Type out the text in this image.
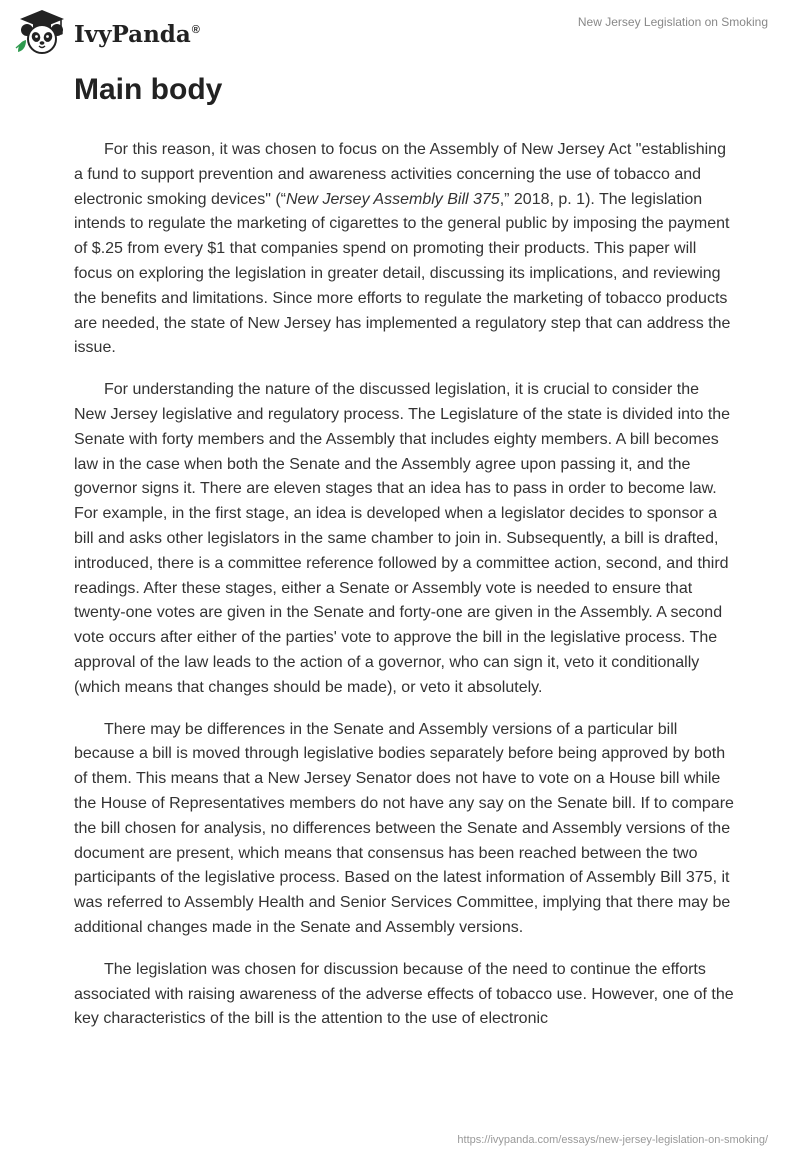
IvyPanda®
New Jersey Legislation on Smoking
Main body

For this reason, it was chosen to focus on the Assembly of New Jersey Act "establishing a fund to support prevention and awareness activities concerning the use of tobacco and electronic smoking devices" (“New Jersey Assembly Bill 375,” 2018, p. 1). The legislation intends to regulate the marketing of cigarettes to the general public by imposing the payment of $.25 from every $1 that companies spend on promoting their products. This paper will focus on exploring the legislation in greater detail, discussing its implications, and reviewing the benefits and limitations. Since more efforts to regulate the marketing of tobacco products are needed, the state of New Jersey has implemented a regulatory step that can address the issue.

For understanding the nature of the discussed legislation, it is crucial to consider the New Jersey legislative and regulatory process. The Legislature of the state is divided into the Senate with forty members and the Assembly that includes eighty members. A bill becomes law in the case when both the Senate and the Assembly agree upon passing it, and the governor signs it. There are eleven stages that an idea has to pass in order to become law. For example, in the first stage, an idea is developed when a legislator decides to sponsor a bill and asks other legislators in the same chamber to join in. Subsequently, a bill is drafted, introduced, there is a committee reference followed by a committee action, second, and third readings. After these stages, either a Senate or Assembly vote is needed to ensure that twenty-one votes are given in the Senate and forty-one are given in the Assembly. A second vote occurs after either of the parties' vote to approve the bill in the legislative process. The approval of the law leads to the action of a governor, who can sign it, veto it conditionally (which means that changes should be made), or veto it absolutely.

There may be differences in the Senate and Assembly versions of a particular bill because a bill is moved through legislative bodies separately before being approved by both of them. This means that a New Jersey Senator does not have to vote on a House bill while the House of Representatives members do not have any say on the Senate bill. If to compare the bill chosen for analysis, no differences between the Senate and Assembly versions of the document are present, which means that consensus has been reached between the two participants of the legislative process. Based on the latest information of Assembly Bill 375, it was referred to Assembly Health and Senior Services Committee, implying that there may be additional changes made in the Senate and Assembly versions.

The legislation was chosen for discussion because of the need to continue the efforts associated with raising awareness of the adverse effects of tobacco use. However, one of the key characteristics of the bill is the attention to the use of electronic

https://ivypanda.com/essays/new-jersey-legislation-on-smoking/
